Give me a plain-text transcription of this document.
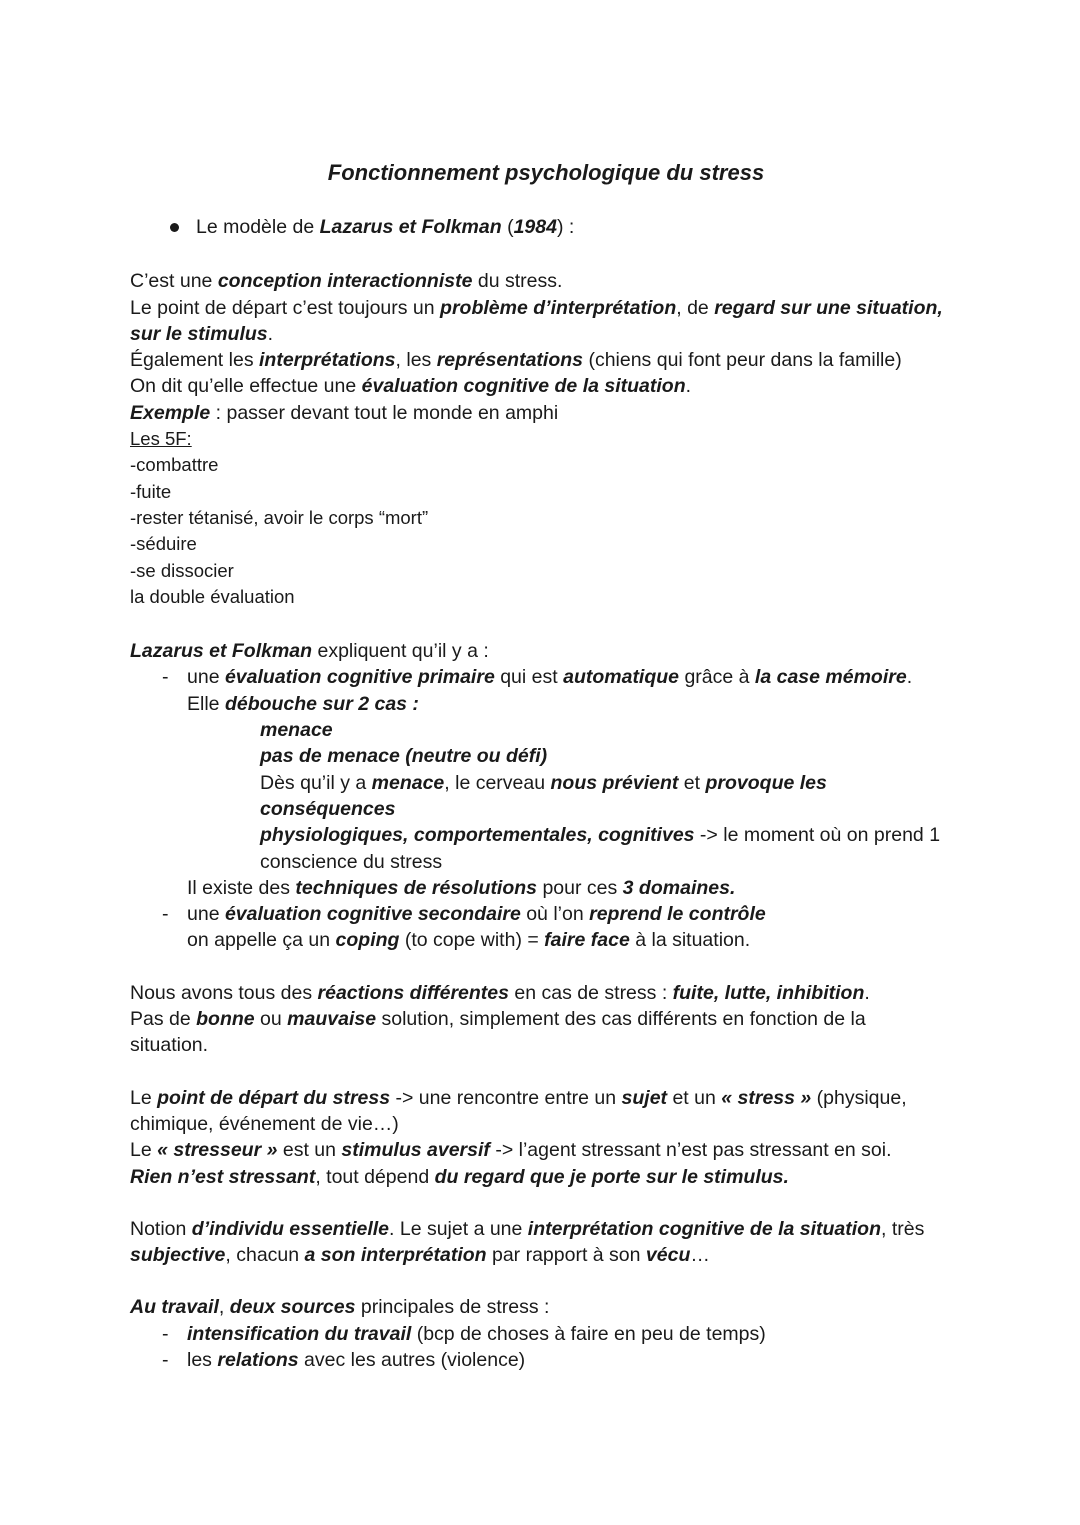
Fonctionnement psychologique du stress

Le modèle de Lazarus et Folkman (1984) :

C’est une conception interactionniste du stress.

Le point de départ c’est toujours un problème d’interprétation, de regard sur une situation,
sur le stimulus.

Également les interprétations, les représentations (chiens qui font peur dans la famille)

On dit qu’elle effectue une évaluation cognitive de la situation.

Exemple : passer devant tout le monde en amphi

Les 5F:

-combattre

-fuite

-rester tétanisé, avoir le corps “mort”

-séduire

-se dissocier

la double évaluation

Lazarus et Folkman expliquent qu’il y a :

- une évaluation cognitive primaire qui est automatique grâce à la case mémoire.

Elle débouche sur 2 cas :

menace

pas de menace (neutre ou défi)

Dès qu’il y a menace, le cerveau nous prévient et provoque les conséquences

physiologiques, comportementales, cognitives -> le moment où on prend 1

conscience du stress

Il existe des techniques de résolutions pour ces 3 domaines.

- une évaluation cognitive secondaire où l’on reprend le contrôle

on appelle ça un coping (to cope with) = faire face à la situation.

Nous avons tous des réactions différentes en cas de stress : fuite, lutte, inhibition.
Pas de bonne ou mauvaise solution, simplement des cas différents en fonction de la
situation.

Le point de départ du stress -> une rencontre entre un sujet et un « stress » (physique,
chimique, événement de vie…)
Le « stresseur » est un stimulus aversif -> l’agent stressant n’est pas stressant en soi.
Rien n’est stressant, tout dépend du regard que je porte sur le stimulus.

Notion d’individu essentielle. Le sujet a une interprétation cognitive de la situation, très
subjective, chacun a son interprétation par rapport à son vécu…

Au travail, deux sources principales de stress :

- intensification du travail (bcp de choses à faire en peu de temps)

- les relations avec les autres (violence)
